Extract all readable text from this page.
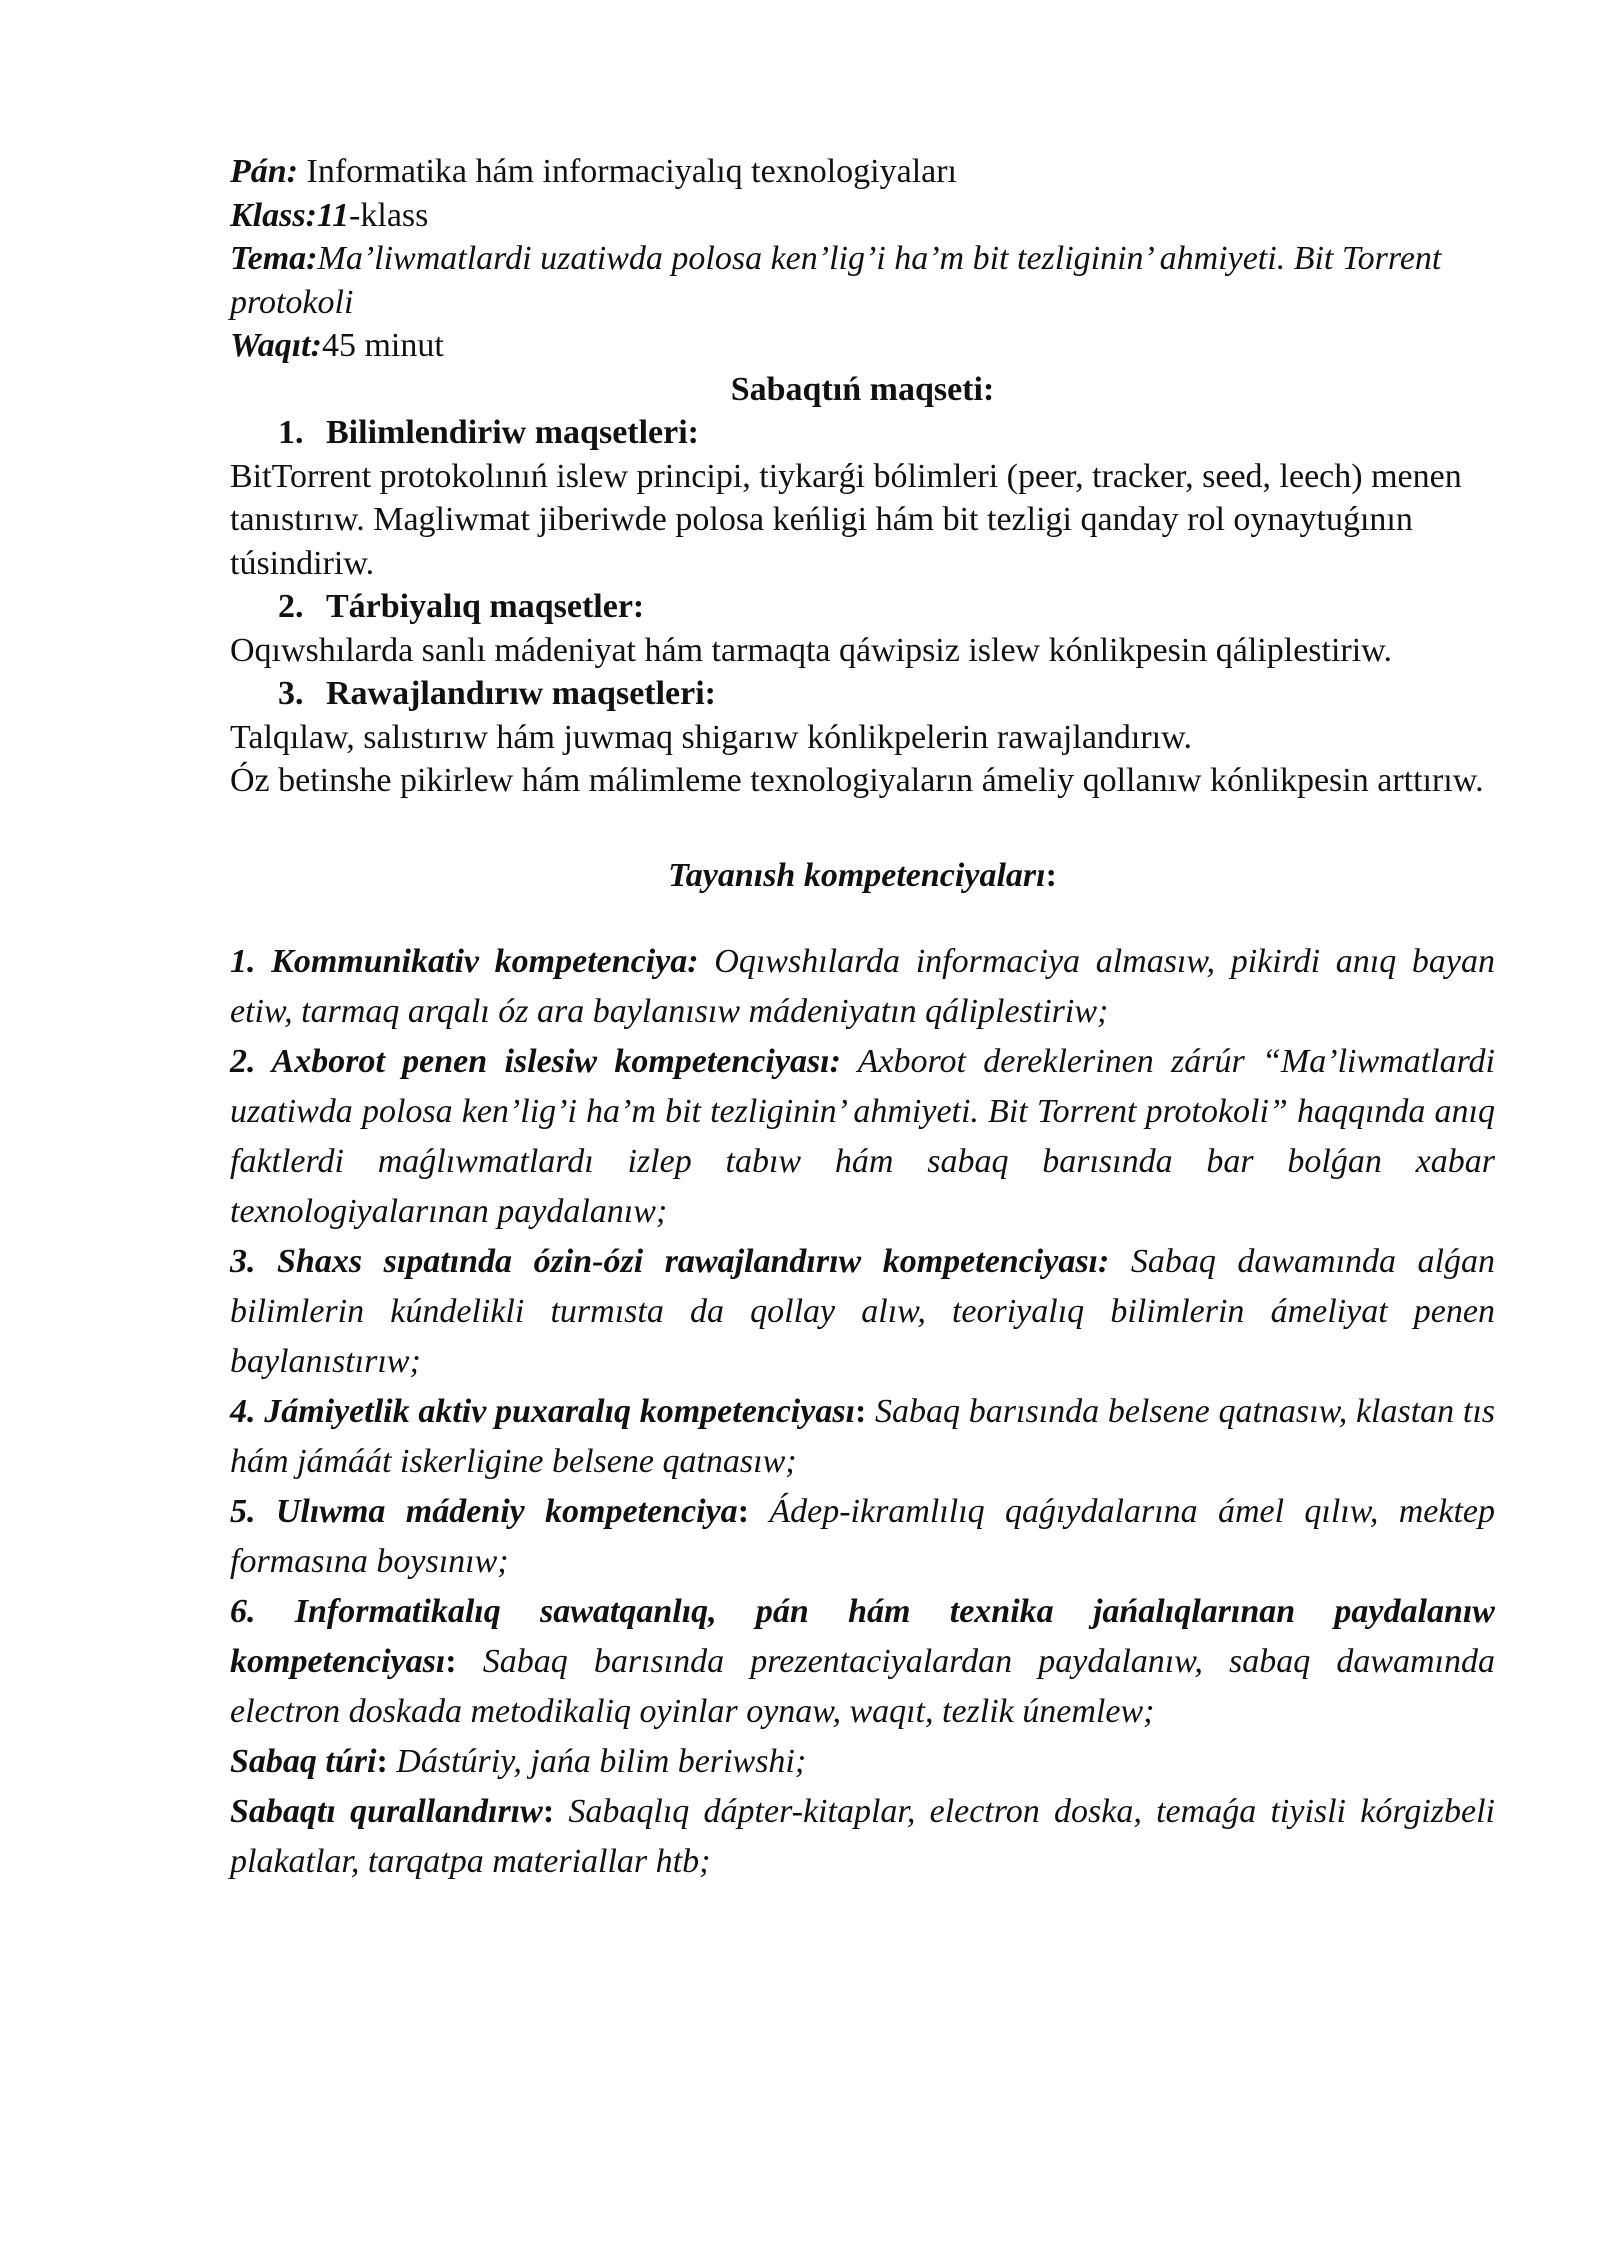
Pán: Informatika hám informaciyalıq texnologiyaları

Klass:11-klass

Tema:Ma’liwmatlardi uzatiwda polosa ken’lig’i ha’m bit tezliginin’ ahmiyeti. Bit Torrent protokoli

Waqıt:45 minut

Sabaqtıń maqseti:

1. Bilimlendiriw maqsetleri:

BitTorrent protokolınıń islew principi, tiykarǵi bólimleri (peer, tracker, seed, leech) menen tanıstırıw. Magliwmat jiberiwde polosa keńligi hám bit tezligi qanday rol oynaytuǵının túsindiriw.

2. Tárbiyalıq maqsetler:

Oqıwshılarda sanlı mádeniyat hám tarmaqta qáwipsiz islew kónlikpesin qáliplestiriw.

3. Rawajlandırıw maqsetleri:

Talqılaw, salıstırıw hám juwmaq shigarıw kónlikpelerin rawajlandırıw.

Óz betinshe pikirlew hám málimleme texnologiyaların ámeliy qollanıw kónlikpesin arttırıw.

Tayanısh kompetenciyaları:

1. Kommunikativ kompetenciya: Oqıwshılarda informaciya almasıw, pikirdi anıq bayan etiw, tarmaq arqalı óz ara baylanısıw mádeniyatın qáliplestiriw;

2. Axborot penen islesiw kompetenciyası: Axborot dereklerinen zárúr “Ma’liwmatlardi uzatiwda polosa ken’lig’i ha’m bit tezliginin’ ahmiyeti. Bit Torrent protokoli” haqqında anıq faktlerdi maǵlıwmatlardı izlep tabıw hám sabaq barısında bar bolǵan xabar texnologiyalarınan paydalanıw;

3. Shaxs sıpatında ózin-ózi rawajlandırıw kompetenciyası: Sabaq dawamında alǵan bilimlerin kúndelikli turmısta da qollay alıw, teoriyalıq bilimlerin ámeliyat penen baylanıstırıw;

4. Jámiyetlik aktiv puxaralıq kompetenciyası: Sabaq barısında belsene qatnasıw, klastan tıs hám jámáát iskerligine belsene qatnasıw;

5. Ulıwma mádeniy kompetenciya: Ádep-ikramlılıq qaǵıydalarına ámel qılıw, mektep formasına boysınıw;

6. Informatikalıq sawatqanlıq, pán hám texnika jańalıqlarınan paydalanıw kompetenciyası: Sabaq barısında prezentaciyalardan paydalanıw, sabaq dawamında electron doskada metodikaliq oyinlar oynaw, waqıt, tezlik únemlew;

Sabaq túri: Dástúriy, jańa bilim beriwshi;

Sabaqtı qurallandırıw: Sabaqlıq dápter-kitaplar, electron doska, temaǵa tiyisli kórgizbeli plakatlar, tarqatpa materiallar htb;
